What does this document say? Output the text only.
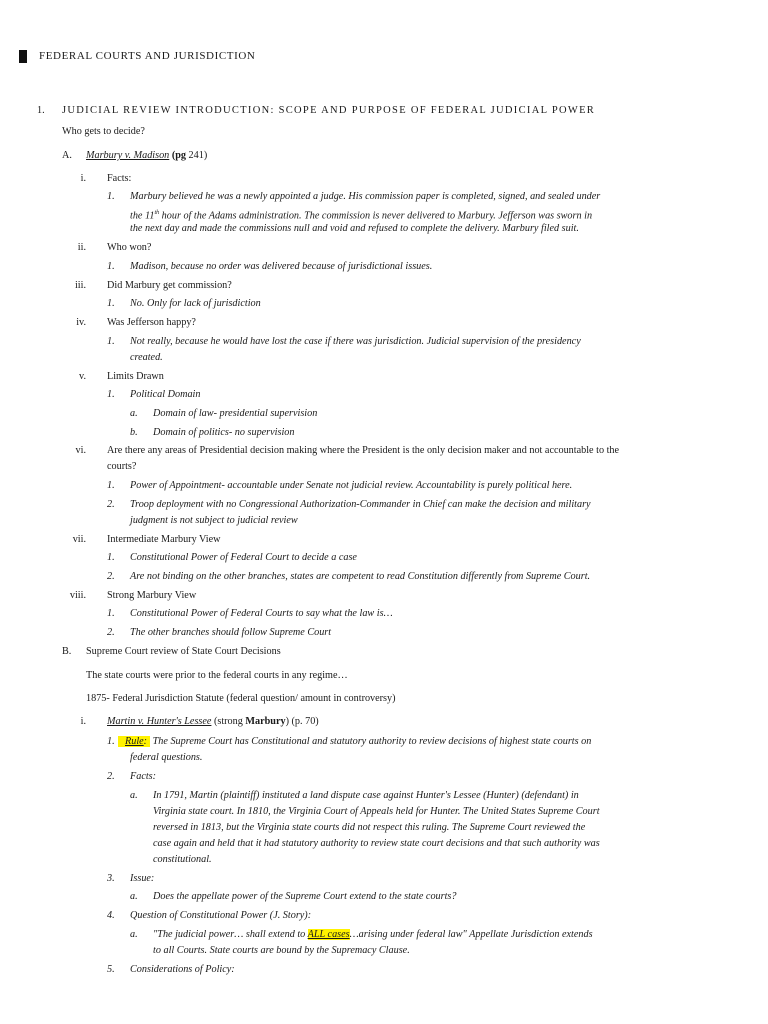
FEDERAL COURTS AND JURISDICTION
1. JUDICIAL REVIEW INTRODUCTION: SCOPE AND PURPOSE OF FEDERAL JUDICIAL POWER
Who gets to decide?
A. Marbury v. Madison (pg 241)
i. Facts:
1. Marbury believed he was a newly appointed a judge. His commission paper is completed, signed, and sealed under
the 11th hour of the Adams administration. The commission is never delivered to Marbury. Jefferson was sworn in
the next day and made the commissions null and void and refused to complete the delivery. Marbury filed suit.
ii. Who won?
1. Madison, because no order was delivered because of jurisdictional issues.
iii. Did Marbury get commission?
1. No. Only for lack of jurisdiction
iv. Was Jefferson happy?
1. Not really, because he would have lost the case if there was jurisdiction. Judicial supervision of the presidency
created.
v. Limits Drawn
1. Political Domain
a. Domain of law- presidential supervision
b. Domain of politics- no supervision
vi. Are there any areas of Presidential decision making where the President is the only decision maker and not accountable to the
courts?
1. Power of Appointment- accountable under Senate not judicial review. Accountability is purely political here.
2. Troop deployment with no Congressional Authorization-Commander in Chief can make the decision and military
judgment is not subject to judicial review
vii. Intermediate Marbury View
1. Constitutional Power of Federal Court to decide a case
2. Are not binding on the other branches, states are competent to read Constitution differently from Supreme Court.
viii. Strong Marbury View
1. Constitutional Power of Federal Courts to say what the law is…
2. The other branches should follow Supreme Court
B. Supreme Court review of State Court Decisions
The state courts were prior to the federal courts in any regime…
1875- Federal Jurisdiction Statute (federal question/ amount in controversy)
i. Martin v. Hunter's Lessee (strong Marbury) (p. 70)
1.	Rule: The Supreme Court has Constitutional and statutory authority to review decisions of highest state courts on
federal questions.
2. Facts:
a. In 1791, Martin (plaintiff) instituted a land dispute case against Hunter's Lessee (Hunter) (defendant) in
Virginia state court. In 1810, the Virginia Court of Appeals held for Hunter. The United States Supreme Court
reversed in 1813, but the Virginia state courts did not respect this ruling. The Supreme Court reviewed the
case again and held that it had statutory authority to review state court decisions and that such authority was
constitutional.
3. Issue:
a. Does the appellate power of the Supreme Court extend to the state courts?
4. Question of Constitutional Power (J. Story):
a. "The judicial power… shall extend to ALL cases…arising under federal law" Appellate Jurisdiction extends
to all Courts. State courts are bound by the Supremacy Clause.
5. Considerations of Policy:
